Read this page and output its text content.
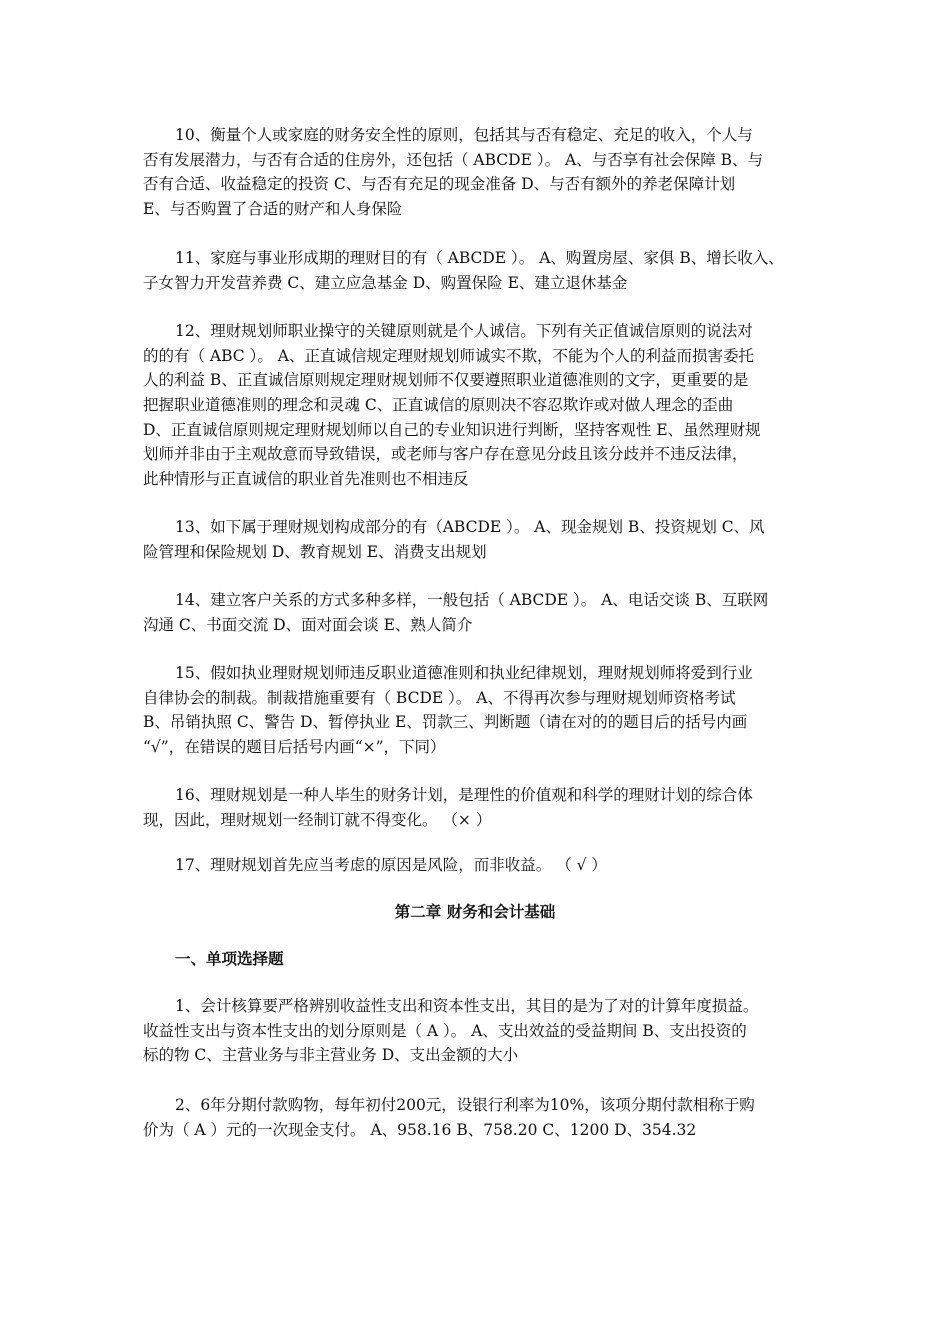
10、衡量个人或家庭的财务安全性的原则，包括其与否有稳定、充足的收入，个人与
否有发展潜力，与否有合适的住房外，还包括（ ABCDE ）。 A、与否享有社会保障 B、与
否有合适、收益稳定的投资 C、与否有充足的现金准备 D、与否有额外的养老保障计划
E、与否购置了合适的财产和人身保险
11、家庭与事业形成期的理财目的有（ ABCDE ）。 A、购置房屋、家俱 B、增长收入、
子女智力开发营养费 C、建立应急基金 D、购置保险 E、建立退休基金
12、理财规划师职业操守的关键原则就是个人诚信。下列有关正值诚信原则的说法对
的的有（ ABC ）。 A、正直诚信规定理财规划师诚实不欺，不能为个人的利益而损害委托
人的利益 B、正直诚信原则规定理财规划师不仅要遵照职业道德准则的文字，更重要的是
把握职业道德准则的理念和灵魂 C、正直诚信的原则决不容忍欺诈或对做人理念的歪曲
D、正直诚信原则规定理财规划师以自己的专业知识进行判断，坚持客观性 E、虽然理财规
划师并非由于主观故意而导致错误，或老师与客户存在意见分歧且该分歧并不违反法律，
此种情形与正直诚信的职业首先准则也不相违反
13、如下属于理财规划构成部分的有（ABCDE ）。 A、现金规划 B、投资规划 C、风
险管理和保险规划 D、教育规划 E、消费支出规划
14、建立客户关系的方式多种多样，一般包括（ ABCDE ）。 A、电话交谈 B、互联网
沟通 C、书面交流 D、面对面会谈 E、熟人简介
15、假如执业理财规划师违反职业道德准则和执业纪律规划，理财规划师将爱到行业
自律协会的制裁。制裁措施重要有（ BCDE ）。 A、不得再次参与理财规划师资格考试
B、吊销执照 C、警告 D、暂停执业 E、罚款三、判断题（请在对的的题目后的括号内画
“√”，在错误的题目后括号内画“×”，下同）
16、理财规划是一种人毕生的财务计划，是理性的价值观和科学的理财计划的综合体
现，因此，理财规划一经制订就不得变化。 （× ）
17、理财规划首先应当考虑的原因是风险，而非收益。 （ √ ）
第二章 财务和会计基础
一、单项选择题
1、会计核算要严格辨别收益性支出和资本性支出，其目的是为了对的计算年度损益。
收益性支出与资本性支出的划分原则是（ A ）。 A、支出效益的受益期间 B、支出投资的
标的物 C、主营业务与非主营业务 D、支出金额的大小
2、6年分期付款购物，每年初付200元，设银行利率为10%，该项分期付款相称于购
价为（ A ）元的一次现金支付。 A、958.16 B、758.20 C、1200 D、354.32
